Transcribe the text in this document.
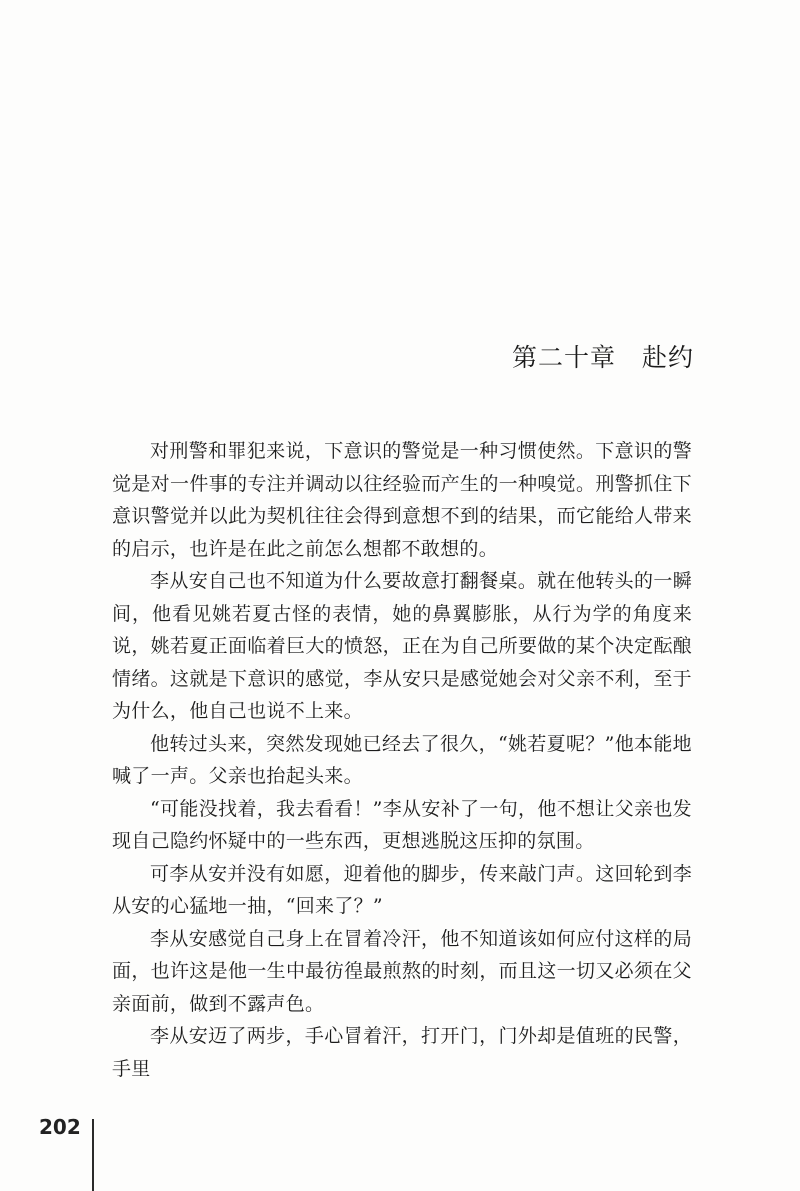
第二十章　赴约

对刑警和罪犯来说，下意识的警觉是一种习惯使然。下意识的警觉是对一件事的专注并调动以往经验而产生的一种嗅觉。刑警抓住下意识警觉并以此为契机往往会得到意想不到的结果，而它能给人带来的启示，也许是在此之前怎么想都不敢想的。

李从安自己也不知道为什么要故意打翻餐桌。就在他转头的一瞬间，他看见姚若夏古怪的表情，她的鼻翼膨胀，从行为学的角度来说，姚若夏正面临着巨大的愤怒，正在为自己所要做的某个决定酝酿情绪。这就是下意识的感觉，李从安只是感觉她会对父亲不利，至于为什么，他自己也说不上来。

他转过头来，突然发现她已经去了很久，“姚若夏呢？”他本能地喊了一声。父亲也抬起头来。

“可能没找着，我去看看！”李从安补了一句，他不想让父亲也发现自己隐约怀疑中的一些东西，更想逃脱这压抑的氛围。

可李从安并没有如愿，迎着他的脚步，传来敲门声。这回轮到李从安的心猛地一抽，“回来了？”

李从安感觉自己身上在冒着冷汗，他不知道该如何应付这样的局面，也许这是他一生中最彷徨最煎熬的时刻，而且这一切又必须在父亲面前，做到不露声色。

李从安迈了两步，手心冒着汗，打开门，门外却是值班的民警，手里

202
